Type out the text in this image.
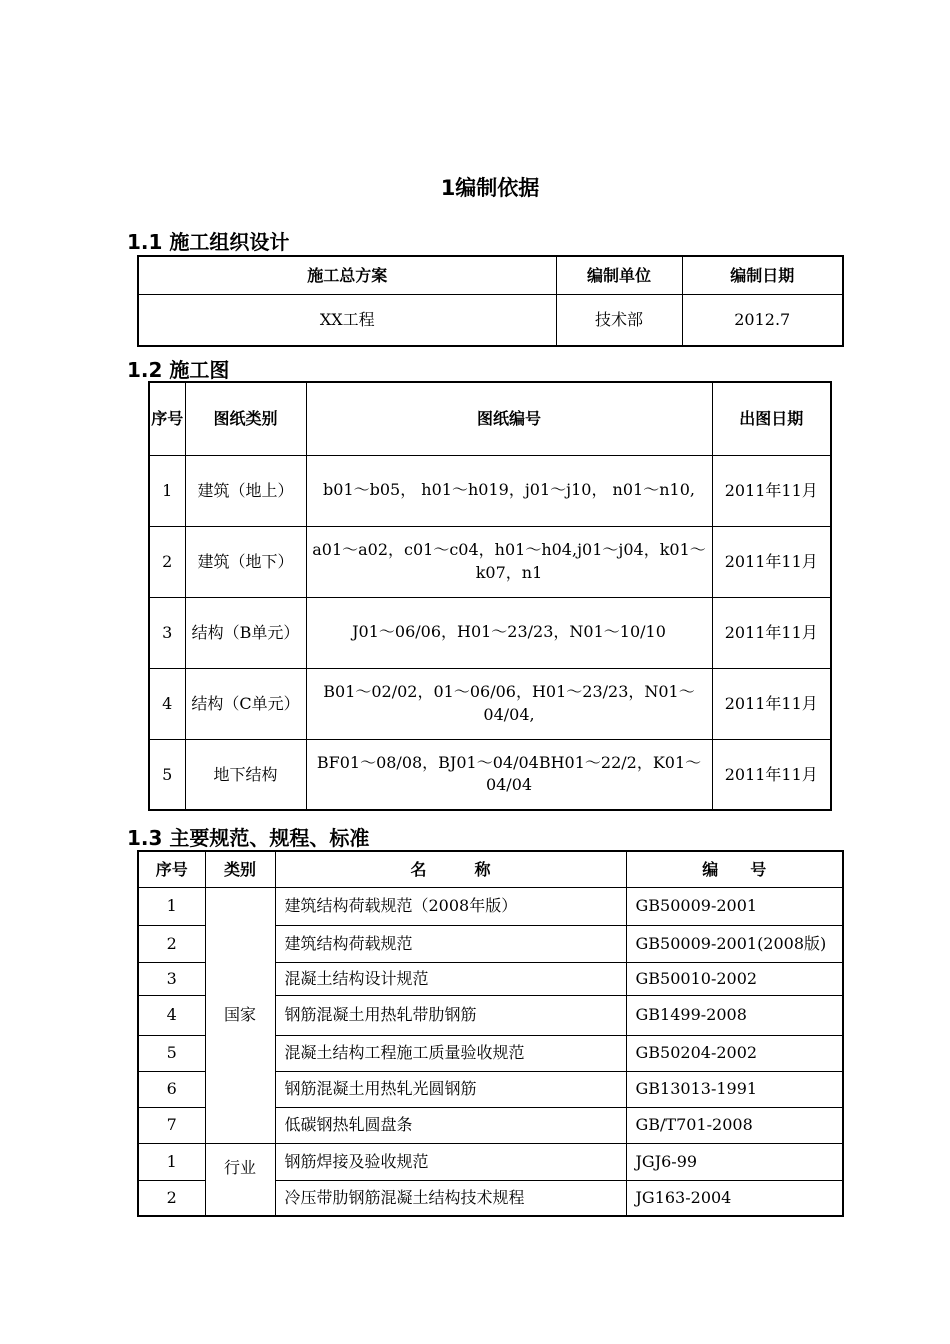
1编制依据
1.1 施工组织设计
施工总方案	编制单位	编制日期
XX工程	技术部	2012.7
1.2 施工图
序号	图纸类别	图纸编号	出图日期
1	建筑（地上）	b01～b05， h01～h019，j01～j10， n01～n10,	2011年11月
2	建筑（地下）	a01～a02，c01～c04，h01～h04,j01～j04，k01～k07，n1	2011年11月
3	结构（B单元）	J01～06/06，H01～23/23，N01～10/10	2011年11月
4	结构（C单元）	B01～02/02，01～06/06，H01～23/23，N01～04/04,	2011年11月
5	地下结构	BF01～08/08，BJ01～04/04BH01～22/2，K01～04/04	2011年11月
1.3 主要规范、规程、标准
序号	类别	名　　　称	编　　号
1	国家	建筑结构荷载规范（2008年版）	GB50009-2001
2		建筑结构荷载规范	GB50009-2001(2008版)
3		混凝土结构设计规范	GB50010-2002
4		钢筋混凝土用热轧带肋钢筋	GB1499-2008
5		混凝土结构工程施工质量验收规范	GB50204-2002
6		钢筋混凝土用热轧光圆钢筋	GB13013-1991
7		低碳钢热轧圆盘条	GB/T701-2008
1	行业	钢筋焊接及验收规范	JGJ6-99
2		冷压带肋钢筋混凝土结构技术规程	JG163-2004
